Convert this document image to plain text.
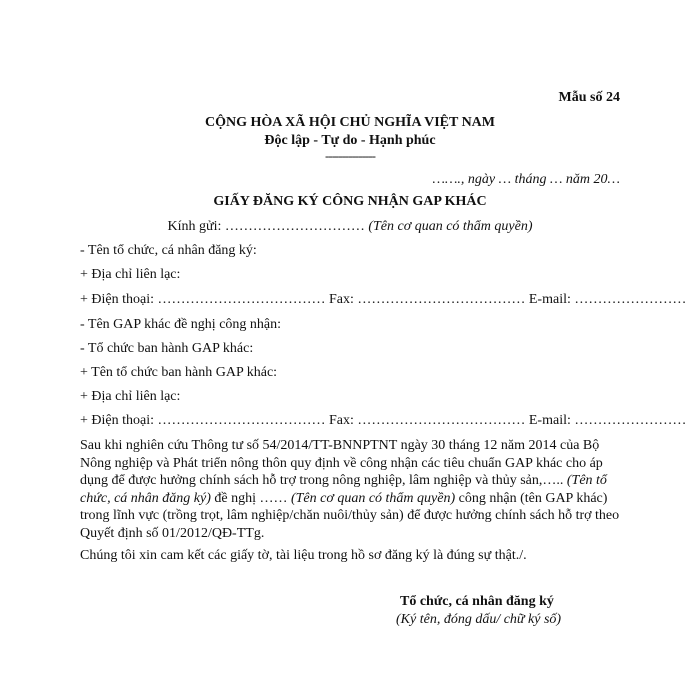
Mẫu số 24
CỘNG HÒA XÃ HỘI CHỦ NGHĨA VIỆT NAM
Độc lập - Tự do - Hạnh phúc
---------------
……., ngày … tháng … năm 20…
GIẤY ĐĂNG KÝ CÔNG NHẬN GAP KHÁC
Kính gửi: ………………………… (Tên cơ quan có thẩm quyền)
- Tên tổ chức, cá nhân đăng ký:
+ Địa chỉ liên lạc:
+ Điện thoại: ……………………………… Fax: ……………………………… E-mail: ……………………
- Tên GAP khác đề nghị công nhận:
- Tổ chức ban hành GAP khác:
+ Tên tổ chức ban hành GAP khác:
+ Địa chỉ liên lạc:
+ Điện thoại: ……………………………… Fax: ……………………………… E-mail: ……………………
Sau khi nghiên cứu Thông tư số 54/2014/TT-BNNPTNT ngày 30 tháng 12 năm 2014 của Bộ Nông nghiệp và Phát triển nông thôn quy định về công nhận các tiêu chuẩn GAP khác cho áp dụng để được hưởng chính sách hỗ trợ trong nông nghiệp, lâm nghiệp và thủy sản,….. (Tên tổ chức, cá nhân đăng ký) đề nghị …… (Tên cơ quan có thẩm quyền) công nhận (tên GAP khác) trong lĩnh vực (trồng trọt, lâm nghiệp/chăn nuôi/thủy sản) để được hưởng chính sách hỗ trợ theo Quyết định số 01/2012/QĐ-TTg.
Chúng tôi xin cam kết các giấy tờ, tài liệu trong hồ sơ đăng ký là đúng sự thật./.
Tổ chức, cá nhân đăng ký
(Ký tên, đóng dấu/ chữ ký số)
